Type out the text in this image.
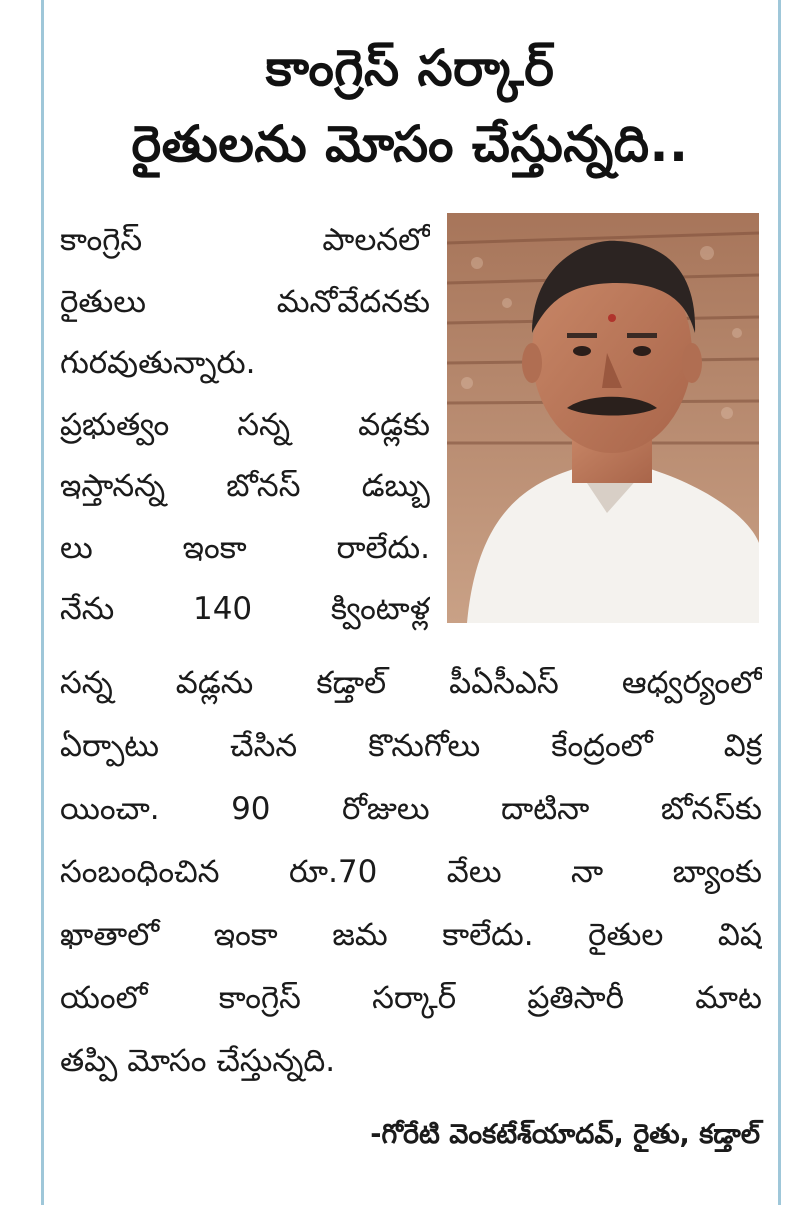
కాంగ్రెస్ సర్కార్
రైతులను మోసం చేస్తున్నది..
కాంగ్రెస్ పాలనలో
రైతులు మనోవేదనకు
గురవుతున్నారు.
ప్రభుత్వం సన్న వడ్లకు
ఇస్తానన్న బోనస్ డబ్బు
లు ఇంకా రాలేదు.
నేను 140 క్వింటాళ్ల
సన్న వడ్లను కడ్తాల్ పీఏసీఎస్ ఆధ్వర్యంలో
ఏర్పాటు చేసిన కొనుగోలు కేంద్రంలో విక్ర
యించా. 90 రోజులు దాటినా బోనస్‌కు
సంబంధించిన రూ.70 వేలు నా బ్యాంకు
ఖాతాలో ఇంకా జమ కాలేదు. రైతుల విష
యంలో కాంగ్రెస్ సర్కార్ ప్రతిసారీ మాట
తప్పి మోసం చేస్తున్నది.
-గోరేటి వెంకటేశ్‌యాదవ్, రైతు, కడ్తాల్
